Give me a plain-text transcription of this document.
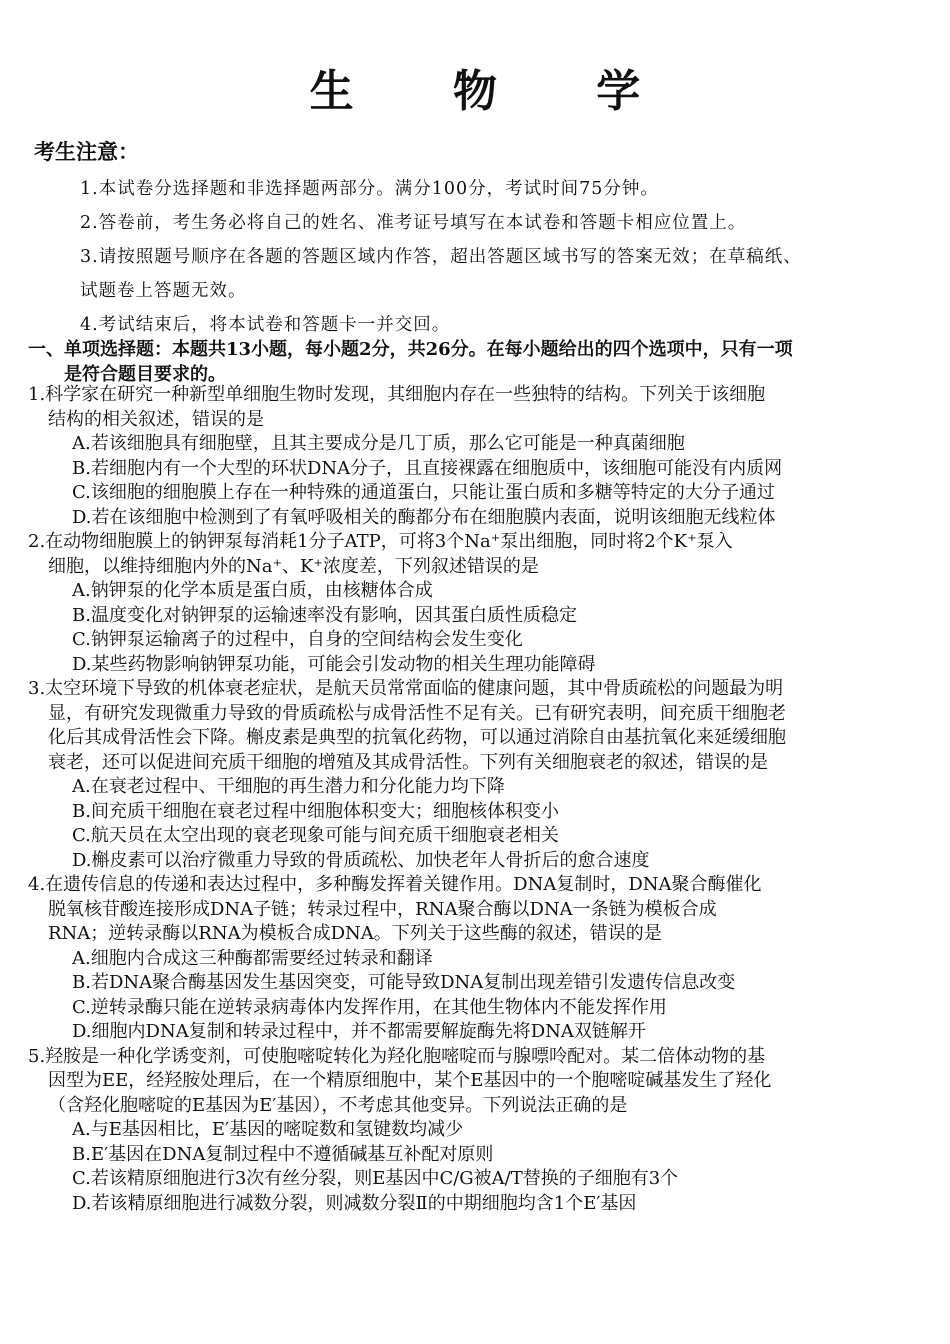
生 物 学
考生注意：
1.本试卷分选择题和非选择题两部分。满分100分，考试时间75分钟。
2.答卷前，考生务必将自己的姓名、准考证号填写在本试卷和答题卡相应位置上。
3.请按照题号顺序在各题的答题区域内作答，超出答题区域书写的答案无效；在草稿纸、
试题卷上答题无效。
4.考试结束后，将本试卷和答题卡一并交回。
一、单项选择题：本题共13小题，每小题2分，共26分。在每小题给出的四个选项中，只有一项
是符合题目要求的。
1.科学家在研究一种新型单细胞生物时发现，其细胞内存在一些独特的结构。下列关于该细胞
结构的相关叙述，错误的是
A.若该细胞具有细胞壁，且其主要成分是几丁质，那么它可能是一种真菌细胞
B.若细胞内有一个大型的环状DNA分子，且直接裸露在细胞质中，该细胞可能没有内质网
C.该细胞的细胞膜上存在一种特殊的通道蛋白，只能让蛋白质和多糖等特定的大分子通过
D.若在该细胞中检测到了有氧呼吸相关的酶都分布在细胞膜内表面，说明该细胞无线粒体
2.在动物细胞膜上的钠钾泵每消耗1分子ATP，可将3个Na⁺泵出细胞，同时将2个K⁺泵入
细胞，以维持细胞内外的Na⁺、K⁺浓度差，下列叙述错误的是
A.钠钾泵的化学本质是蛋白质，由核糖体合成
B.温度变化对钠钾泵的运输速率没有影响，因其蛋白质性质稳定
C.钠钾泵运输离子的过程中，自身的空间结构会发生变化
D.某些药物影响钠钾泵功能，可能会引发动物的相关生理功能障碍
3.太空环境下导致的机体衰老症状，是航天员常常面临的健康问题，其中骨质疏松的问题最为明
显，有研究发现微重力导致的骨质疏松与成骨活性不足有关。已有研究表明，间充质干细胞老
化后其成骨活性会下降。槲皮素是典型的抗氧化药物，可以通过消除自由基抗氧化来延缓细胞
衰老，还可以促进间充质干细胞的增殖及其成骨活性。下列有关细胞衰老的叙述，错误的是
A.在衰老过程中、干细胞的再生潜力和分化能力均下降
B.间充质干细胞在衰老过程中细胞体积变大；细胞核体积变小
C.航天员在太空出现的衰老现象可能与间充质干细胞衰老相关
D.槲皮素可以治疗微重力导致的骨质疏松、加快老年人骨折后的愈合速度
4.在遗传信息的传递和表达过程中，多种酶发挥着关键作用。DNA复制时，DNA聚合酶催化
脱氧核苷酸连接形成DNA子链；转录过程中，RNA聚合酶以DNA一条链为模板合成
RNA；逆转录酶以RNA为模板合成DNA。下列关于这些酶的叙述，错误的是
A.细胞内合成这三种酶都需要经过转录和翻译
B.若DNA聚合酶基因发生基因突变，可能导致DNA复制出现差错引发遗传信息改变
C.逆转录酶只能在逆转录病毒体内发挥作用，在其他生物体内不能发挥作用
D.细胞内DNA复制和转录过程中，并不都需要解旋酶先将DNA双链解开
5.羟胺是一种化学诱变剂，可使胞嘧啶转化为羟化胞嘧啶而与腺嘌呤配对。某二倍体动物的基
因型为EE，经羟胺处理后，在一个精原细胞中，某个E基因中的一个胞嘧啶碱基发生了羟化
（含羟化胞嘧啶的E基因为E′基因），不考虑其他变异。下列说法正确的是
A.与E基因相比，E′基因的嘧啶数和氢键数均减少
B.E′基因在DNA复制过程中不遵循碱基互补配对原则
C.若该精原细胞进行3次有丝分裂，则E基因中C/G被A/T替换的子细胞有3个
D.若该精原细胞进行减数分裂，则减数分裂Ⅱ的中期细胞均含1个E′基因
